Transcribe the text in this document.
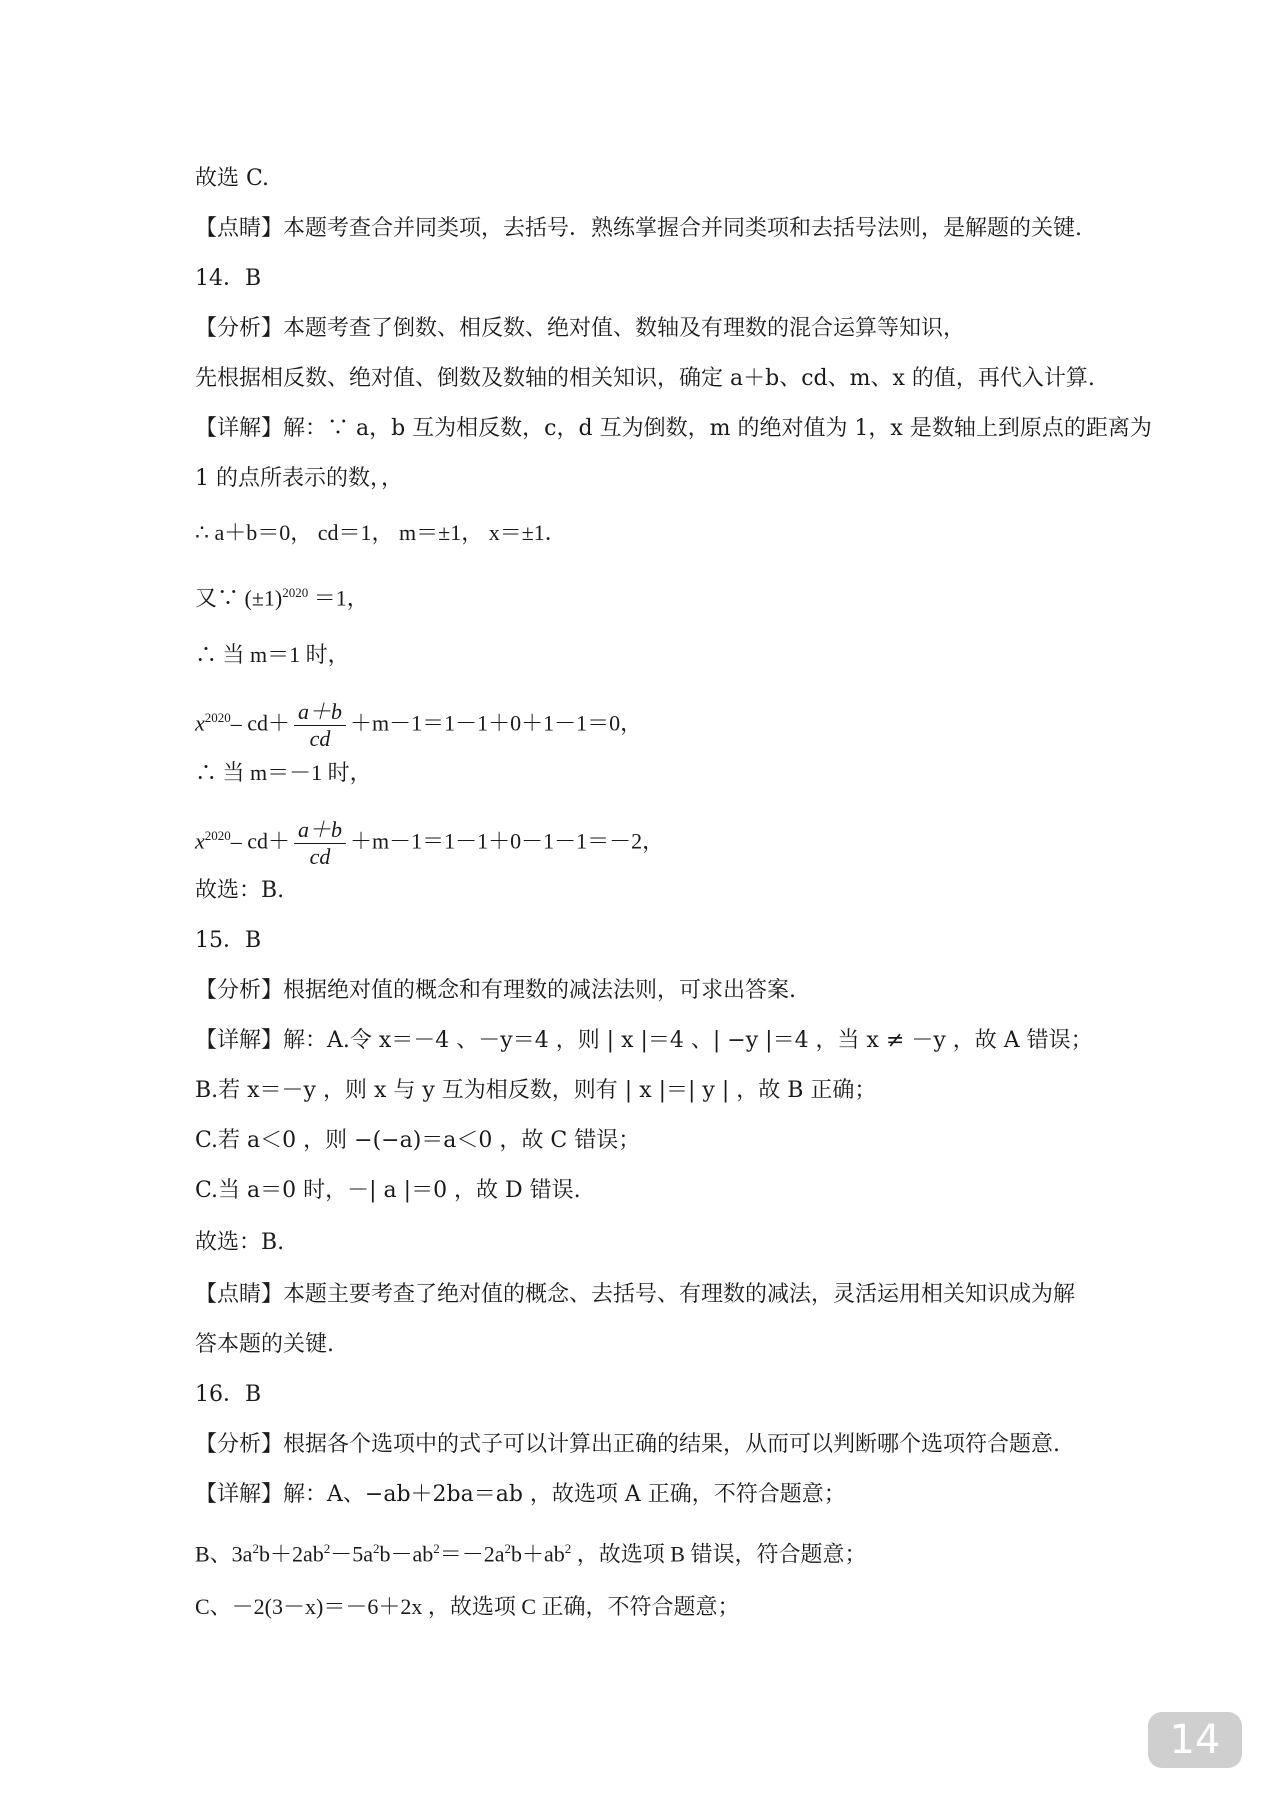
故选 C.
【点睛】本题考查合并同类项，去括号．熟练掌握合并同类项和去括号法则，是解题的关键.
14．B
【分析】本题考查了倒数、相反数、绝对值、数轴及有理数的混合运算等知识，
先根据相反数、绝对值、倒数及数轴的相关知识，确定 a＋b、cd、m、x 的值，再代入计算.
【详解】解：∵ a，b 互为相反数，c，d 互为倒数，m 的绝对值为 1，x 是数轴上到原点的距离为
1 的点所表示的数，，
∴ a＋b＝0， cd＝1， m＝±1， x＝±1．
又∵ $(\pm 1)^{2020} =1$，
∴ 当 m＝1 时，
$x^{2020}-$ $cd+ \frac{a+b}{cd} +m-1=1-1+0+1-1=0$，
∴ 当 m＝－1 时，
$x^{2020}-$ $cd+ \frac{a+b}{cd} +m-1=1-1+0-1-1=-2$，
故选：B.
15．B
【分析】根据绝对值的概念和有理数的减法法则，可求出答案.
【详解】解：A.令 x＝－4 、－y＝4 ，则 | x |＝4 、| −y |＝4 ，当 x ≠ －y ，故 A 错误；
B.若 x＝－y ，则 x 与 y 互为相反数，则有 | x |＝| y | ，故 B 正确；
C.若 a＜0 ，则 −(−a)＝a＜0 ，故 C 错误；
C.当 a＝0 时，－| a |＝0 ，故 D 错误.
故选：B.
【点睛】本题主要考查了绝对值的概念、去括号、有理数的减法，灵活运用相关知识成为解
答本题的关键.
16．B
【分析】根据各个选项中的式子可以计算出正确的结果，从而可以判断哪个选项符合题意.
【详解】解：A、−ab＋2ba＝ab ，故选项 A 正确，不符合题意；
B、$3a^2b+2ab^2-5a^2b-ab^2=-2a^2b+ab^2$ ，故选项 B 错误，符合题意；
C、－2(3－x)＝－6＋2x ，故选项 C 正确，不符合题意；
14
